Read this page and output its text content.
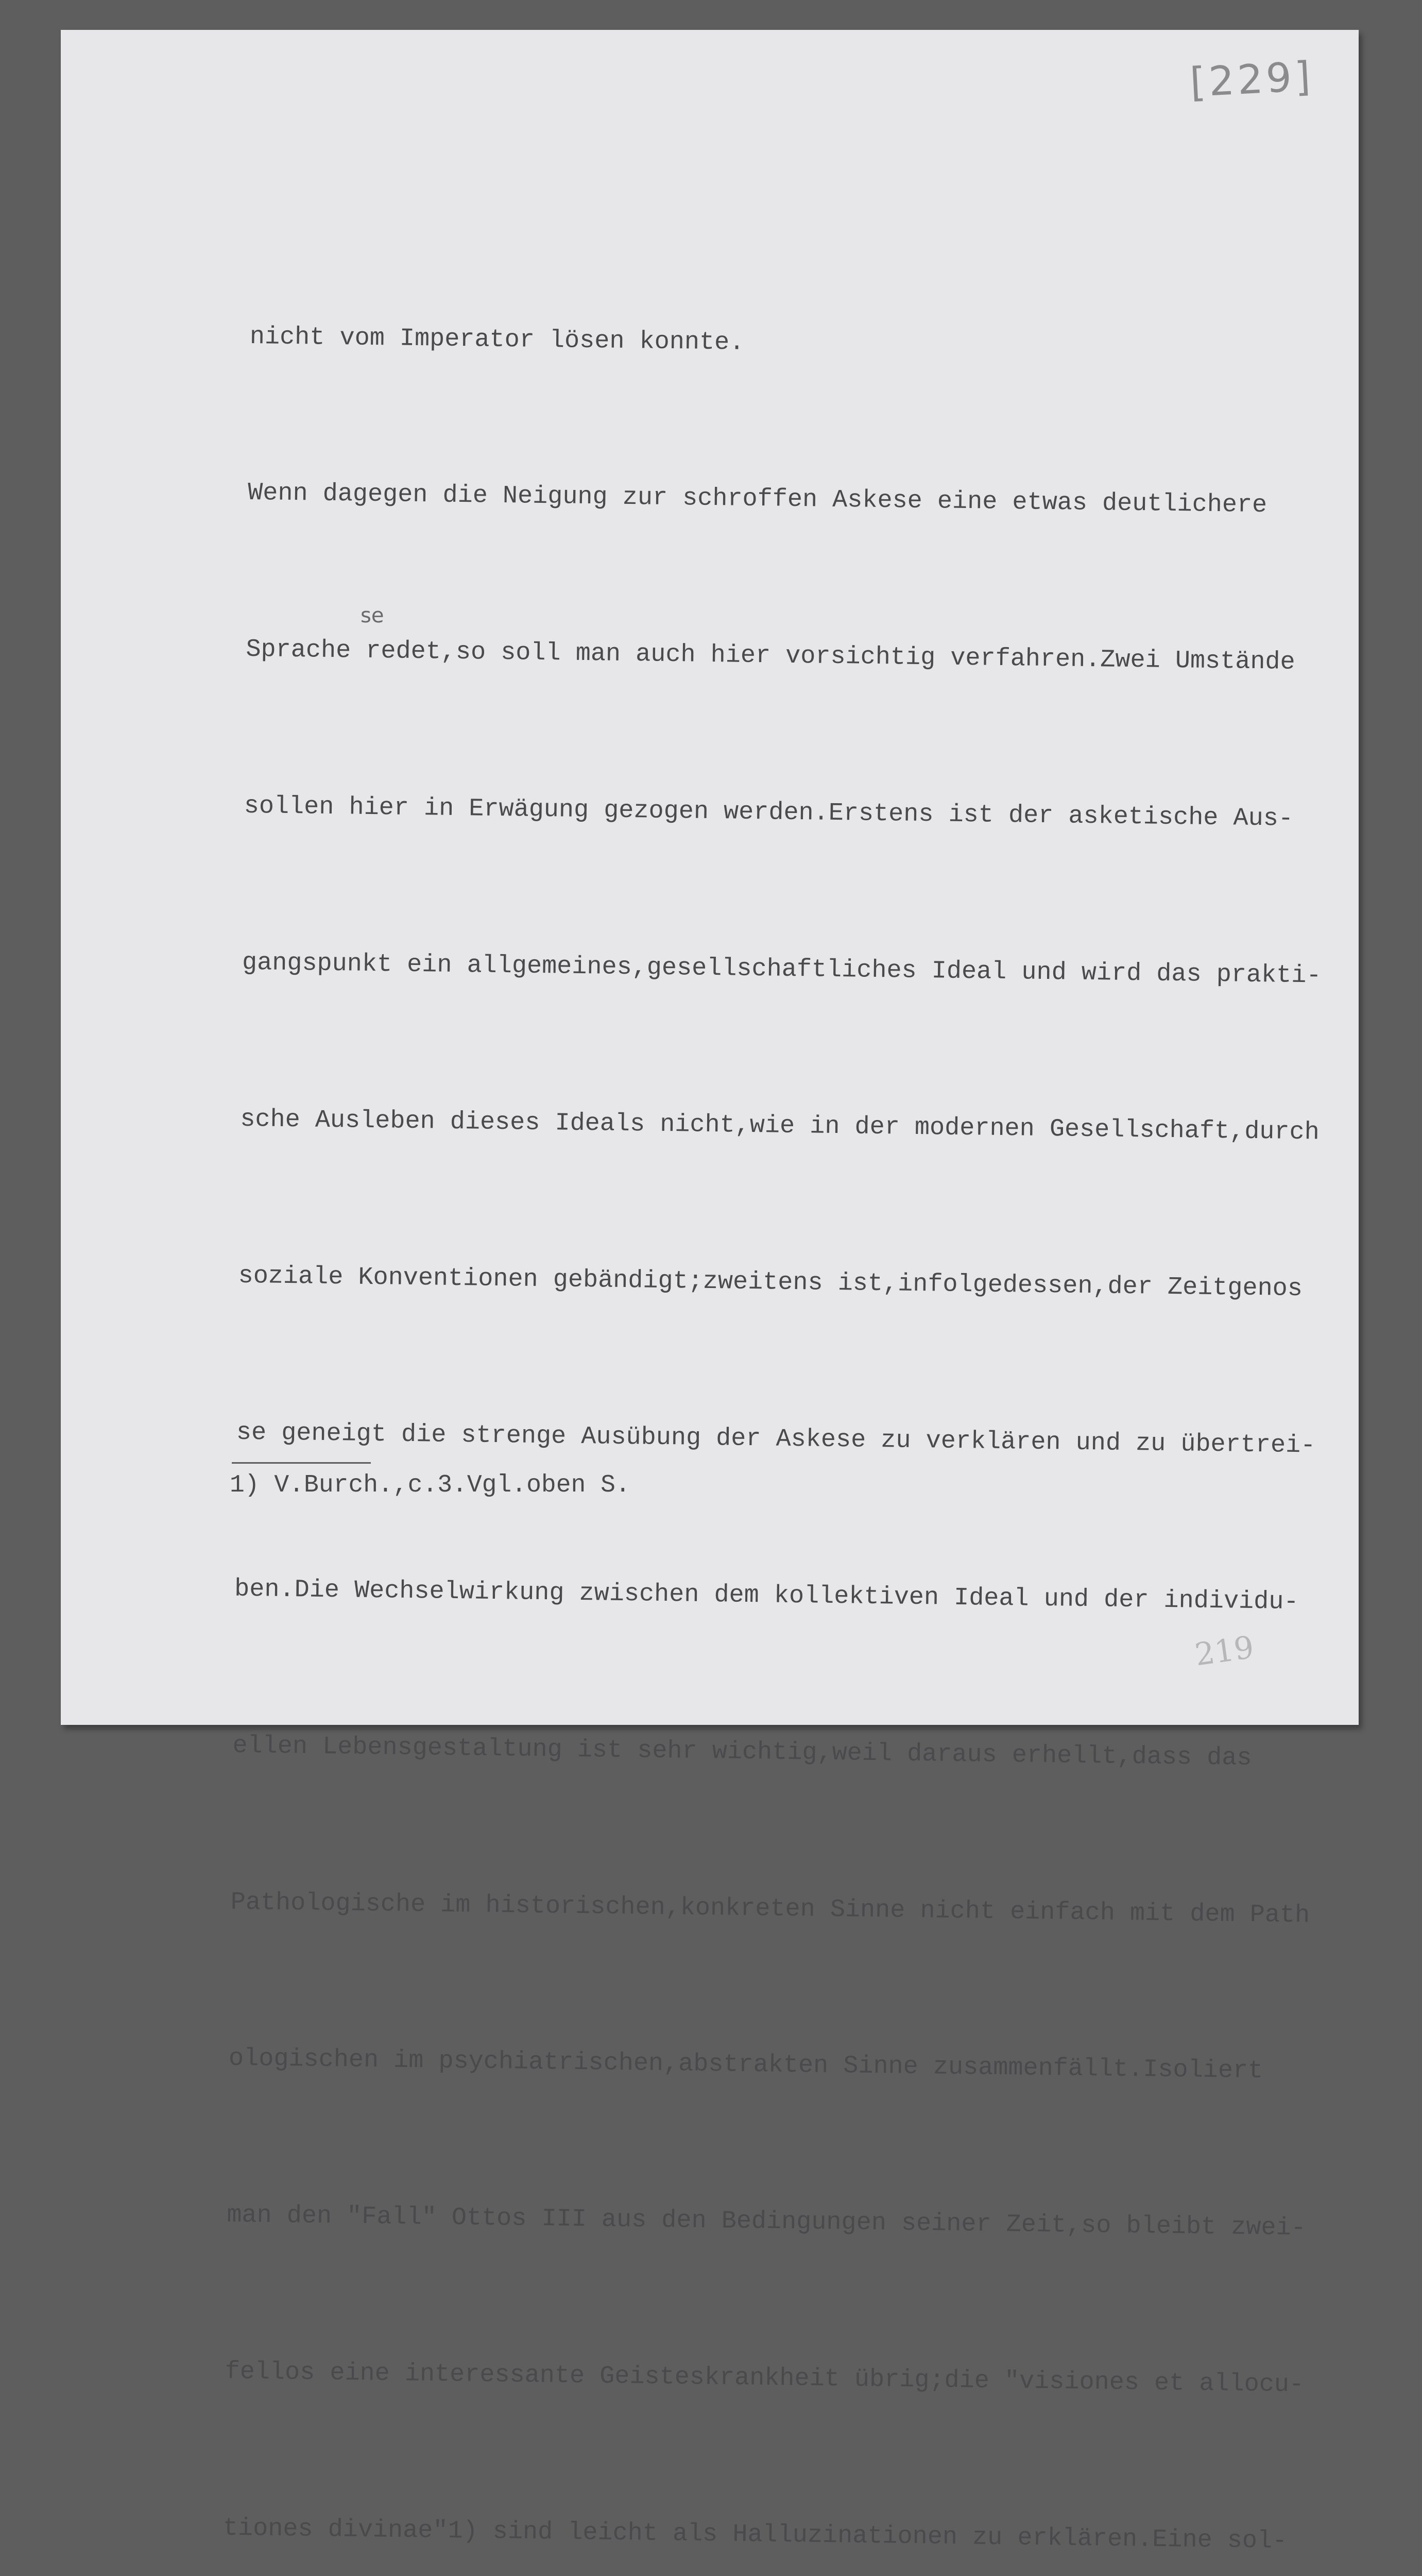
[229]
se

nicht vom Imperator lösen konnte.

Wenn dagegen die Neigung zur schroffen Askese eine etwas deutlichere

Sprache redet,so soll man auch hier vorsichtig verfahren.Zwei Umstände

sollen hier in Erwägung gezogen werden.Erstens ist der asketische Aus-

gangspunkt ein allgemeines,gesellschaftliches Ideal und wird das prakti-

sche Ausleben dieses Ideals nicht,wie in der modernen Gesellschaft,durch

soziale Konventionen gebändigt;zweitens ist,infolgedessen,der Zeitgenos

se geneigt die strenge Ausübung der Askese zu verklären und zu übertrei-

ben.Die Wechselwirkung zwischen dem kollektiven Ideal und der individu-

ellen Lebensgestaltung ist sehr wichtig,weil daraus erhellt,dass das

Pathologische im historischen,konkreten Sinne nicht einfach mit dem Path

ologischen im psychiatrischen,abstrakten Sinne zusammenfällt.Isoliert

man den "Fall" Ottos III aus den Bedingungen seiner Zeit,so bleibt zwei-

fellos eine interessante Geisteskrankheit übrig;die "visiones et allocu-

tiones divinae"1) sind leicht als Halluzinationen zu erklären.Eine sol-

1) V.Burch.,c.3.Vgl.oben S.
219
